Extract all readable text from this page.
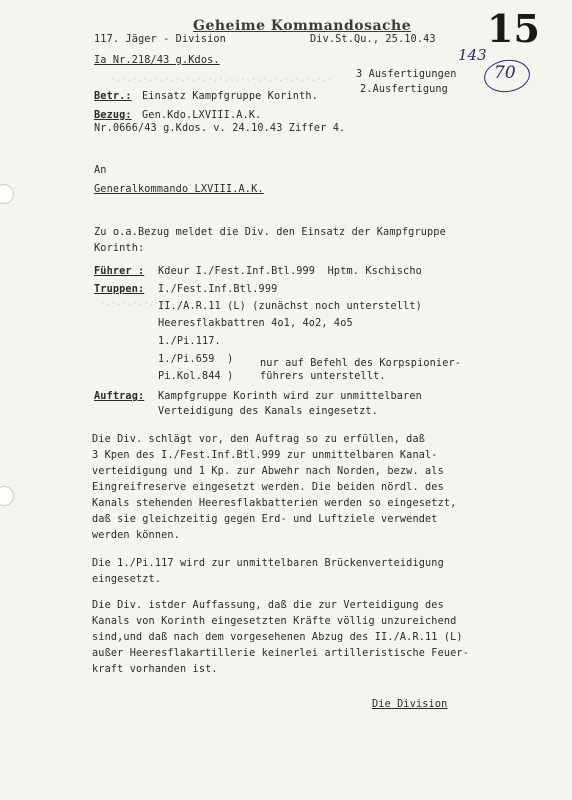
-.-.-.-.-.-.-.-.-.-.-.-.-.-.-.-.-.-.-.-.-
-.-.-.-.-.-.-.-
Geheime Kommandosache 15
143
70
117. Jäger - Division	Div.St.Qu., 25.10.43
Ia Nr.218/43 g.Kdos.
3 Ausfertigungen
2.Ausfertigung
Betr.: Einsatz Kampfgruppe Korinth.
Bezug: Gen.Kdo.LXVIII.A.K.
Nr.0666/43 g.Kdos. v. 24.10.43 Ziffer 4.
An
Generalkommando LXVIII.A.K.
Zu o.a.Bezug meldet die Div. den Einsatz der Kampfgruppe
Korinth:
Führer : Kdeur I./Fest.Inf.Btl.999  Hptm. Kschischo
Truppen: I./Fest.Inf.Btl.999
II./A.R.11 (L) (zunächst noch unterstellt)
Heeresflakbattren 4o1, 4o2, 4o5
1./Pi.117.
1./Pi.659  )
Pi.Kol.844 )
nur auf Befehl des Korpspionier-
führers unterstellt.
Auftrag: Kampfgruppe Korinth wird zur unmittelbaren
Verteidigung des Kanals eingesetzt.
Die Div. schlägt vor, den Auftrag so zu erfüllen, daß
3 Kpen des I./Fest.Inf.Btl.999 zur unmittelbaren Kanal-
verteidigung und 1 Kp. zur Abwehr nach Norden, bezw. als
Eingreifreserve eingesetzt werden. Die beiden nördl. des
Kanals stehenden Heeresflakbatterien werden so eingesetzt,
daß sie gleichzeitig gegen Erd- und Luftziele verwendet
werden können.
Die 1./Pi.117 wird zur unmittelbaren Brückenverteidigung
eingesetzt.
Die Div. istder Auffassung, daß die zur Verteidigung des
Kanals von Korinth eingesetzten Kräfte völlig unzureichend
sind,und daß nach dem vorgesehenen Abzug des II./A.R.11 (L)
außer Heeresflakartillerie keinerlei artilleristische Feuer-
kraft vorhanden ist.
Die Division
